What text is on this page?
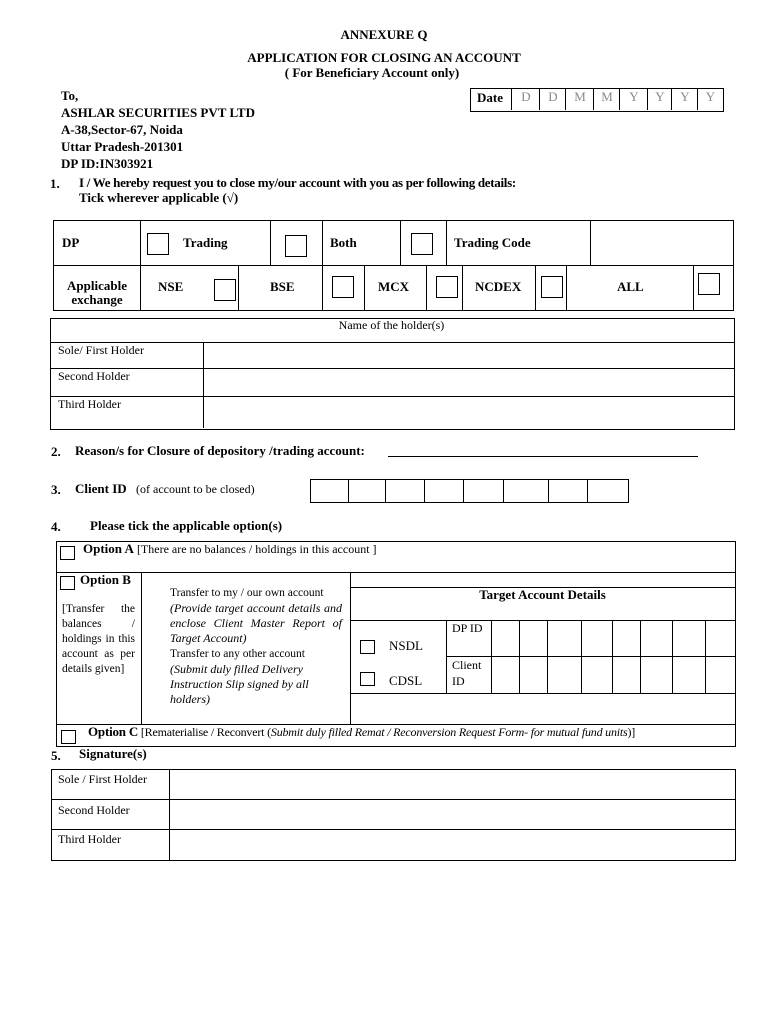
ANNEXURE Q
APPLICATION FOR CLOSING AN ACCOUNT
( For Beneficiary Account only)
To,
ASHLAR SECURITIES PVT LTD
A-38,Sector-67, Noida
Uttar Pradesh-201301
DP ID:IN303921
Date	D	D	M	M	Y	Y	Y	Y
1. I / We hereby request you to close my/our account with you as per following details:
Tick wherever applicable (√)
DP	Trading	Both	Trading Code
Applicable
exchange
NSE	BSE	MCX	NCDEX	ALL
Name of the holder(s)
Sole/ First Holder
Second Holder
Third Holder
2. Reason/s for Closure of depository /trading account:
3. Client ID (of account to be closed)
4. Please tick the applicable option(s)
Option A [There are no balances / holdings in this account ]
Option B
[Transfer the balances / holdings in this account as per details given]
Transfer to my / our own account
(Provide target account details and enclose Client Master Report of Target Account)
Transfer to any other account
(Submit duly filled Delivery Instruction Slip signed by all holders)
Target Account Details
NSDL
CDSL
DP ID
Client
ID
Option C [Rematerialise / Reconvert (Submit duly filled Remat / Reconversion Request Form- for mutual fund units)]
5. Signature(s)
Sole / First Holder
Second Holder
Third Holder
